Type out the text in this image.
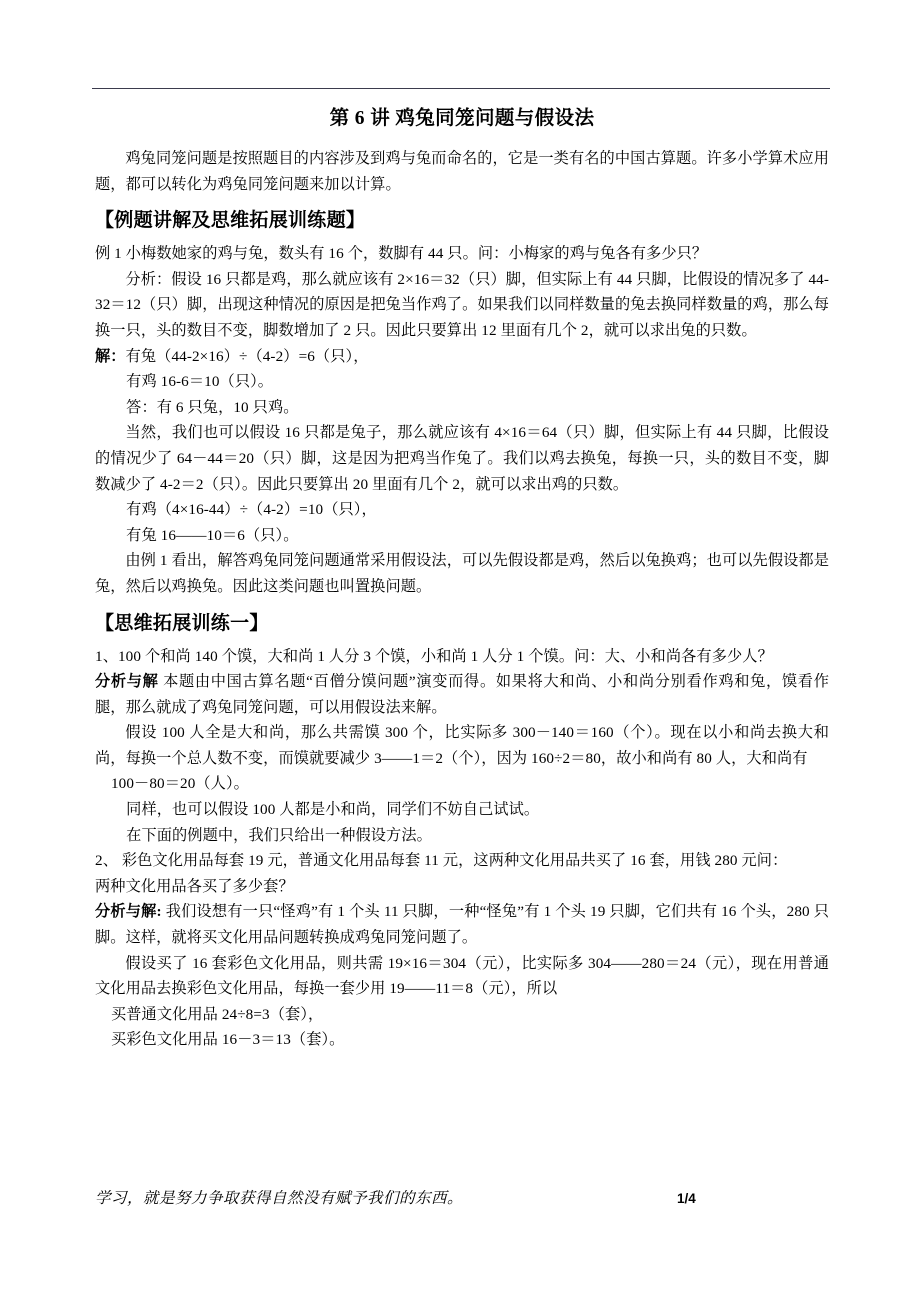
第 6 讲 鸡兔同笼问题与假设法

鸡兔同笼问题是按照题目的内容涉及到鸡与兔而命名的，它是一类有名的中国古算题。许多小学算术应用题，都可以转化为鸡兔同笼问题来加以计算。

【例题讲解及思维拓展训练题】

例 1 小梅数她家的鸡与兔，数头有 16 个，数脚有 44 只。问：小梅家的鸡与兔各有多少只？

分析：假设 16 只都是鸡，那么就应该有 2×16＝32（只）脚，但实际上有 44 只脚，比假设的情况多了 44-32＝12（只）脚，出现这种情况的原因是把兔当作鸡了。如果我们以同样数量的兔去换同样数量的鸡，那么每换一只，头的数目不变，脚数增加了 2 只。因此只要算出 12 里面有几个 2，就可以求出兔的只数。

解：有兔（44-2×16）÷（4-2）=6（只），

有鸡 16-6＝10（只）。

答：有 6 只兔，10 只鸡。

当然，我们也可以假设 16 只都是兔子，那么就应该有 4×16＝64（只）脚，但实际上有 44 只脚，比假设的情况少了 64－44＝20（只）脚，这是因为把鸡当作兔了。我们以鸡去换兔，每换一只，头的数目不变，脚数减少了 4-2＝2（只）。因此只要算出 20 里面有几个 2，就可以求出鸡的只数。

有鸡（4×16-44）÷（4-2）=10（只），

有兔 16——10＝6（只）。

由例 1 看出，解答鸡兔同笼问题通常采用假设法，可以先假设都是鸡，然后以兔换鸡；也可以先假设都是兔，然后以鸡换兔。因此这类问题也叫置换问题。

【思维拓展训练一】

1、100 个和尚 140 个馍，大和尚 1 人分 3 个馍，小和尚 1 人分 1 个馍。问：大、小和尚各有多少人？

分析与解 本题由中国古算名题“百僧分馍问题”演变而得。如果将大和尚、小和尚分别看作鸡和兔，馍看作腿，那么就成了鸡兔同笼问题，可以用假设法来解。

假设 100 人全是大和尚，那么共需馍 300 个，比实际多 300－140＝160（个）。现在以小和尚去换大和尚，每换一个总人数不变，而馍就要减少 3——1＝2（个），因为 160÷2＝80，故小和尚有 80 人，大和尚有

100－80＝20（人）。

同样，也可以假设 100 人都是小和尚，同学们不妨自己试试。

在下面的例题中，我们只给出一种假设方法。

2、 彩色文化用品每套 19 元，普通文化用品每套 11 元，这两种文化用品共买了 16 套，用钱 280 元问：

两种文化用品各买了多少套？

分析与解: 我们设想有一只“怪鸡”有 1 个头 11 只脚，一种“怪兔”有 1 个头 19 只脚，它们共有 16 个头，280 只脚。这样，就将买文化用品问题转换成鸡兔同笼问题了。

假设买了 16 套彩色文化用品，则共需 19×16＝304（元），比实际多 304——280＝24（元），现在用普通文化用品去换彩色文化用品，每换一套少用 19——11＝8（元），所以

买普通文化用品 24÷8=3（套），

买彩色文化用品 16－3＝13（套）。

学习，就是努力争取获得自然没有赋予我们的东西。	1/4
